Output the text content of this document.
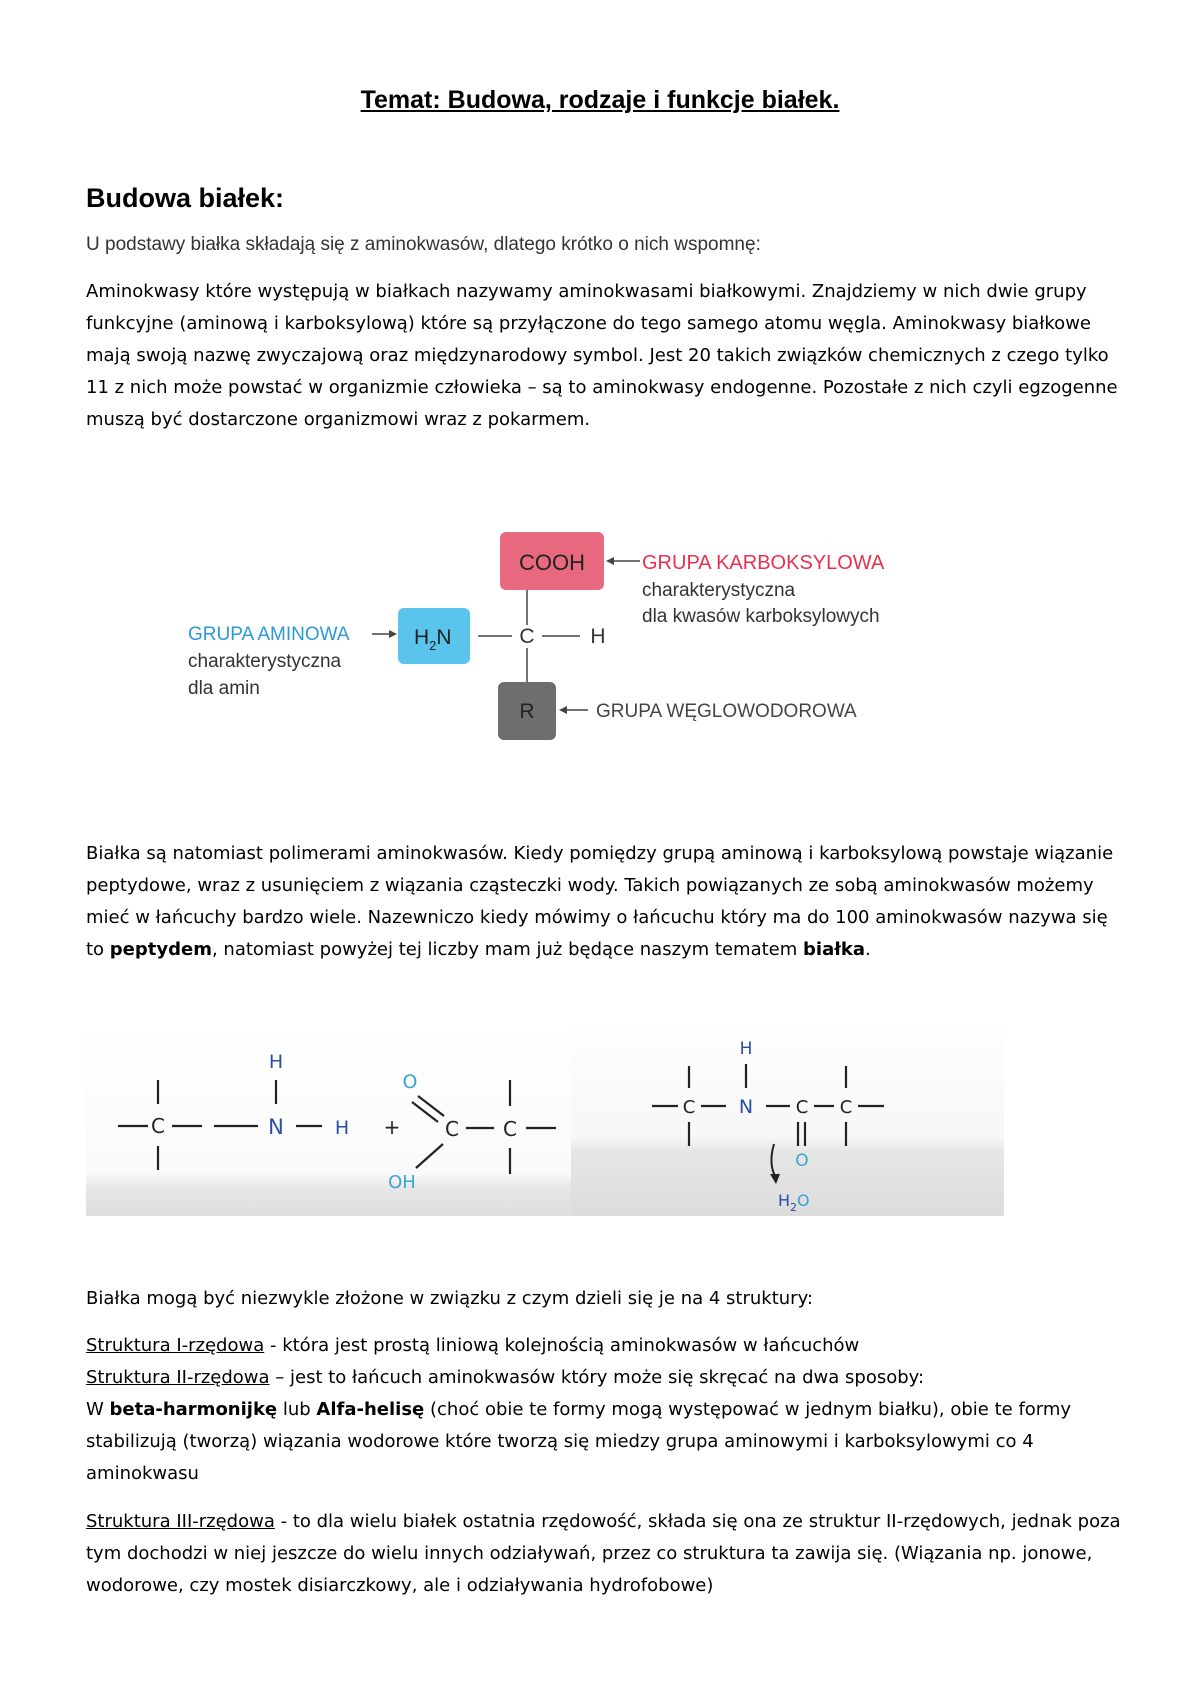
Temat: Budowa, rodzaje i funkcje białek.
Budowa białek:
U podstawy białka składają się z aminokwasów, dlatego krótko o nich wspomnę:

Aminokwasy które występują w białkach nazywamy aminokwasami białkowymi. Znajdziemy w nich dwie grupy funkcyjne (aminową i karboksylową) które są przyłączone do tego samego atomu węgla. Aminokwasy białkowe mają swoją nazwę zwyczajową oraz międzynarodowy symbol. Jest 20 takich związków chemicznych z czego tylko 11 z nich może powstać w organizmie człowieka – są to aminokwasy endogenne. Pozostałe z nich czyli egzogenne muszą być dostarczone organizmowi wraz z pokarmem.

COOH	GRUPA KARBOKSYLOWA
charakterystyczna
dla kwasów karboksylowych
GRUPA AMINOWA
charakterystyczna
dla amin
$H_2N$	C	H
R	GRUPA WĘGLOWODOROWA

Białka są natomiast polimerami aminokwasów. Kiedy pomiędzy grupą aminową i karboksylową powstaje wiązanie peptydowe, wraz z usunięciem z wiązania cząsteczki wody. Takich powiązanych ze sobą aminokwasów możemy mieć w łańcuchy bardzo wiele. Nazewniczo kiedy mówimy o łańcuchu który ma do 100 aminokwasów nazywa się to peptydem, natomiast powyżej tej liczby mam już będące naszym tematem białka.

C
H
N	H +
O
C
OH
C
C
H
N C C
O
$H_2O$

Białka mogą być niezwykle złożone w związku z czym dzieli się je na 4 struktury:

Struktura I-rzędowa - która jest prostą liniową kolejnością aminokwasów w łańcuchów

Struktura II-rzędowa – jest to łańcuch aminokwasów który może się skręcać na dwa sposoby:

W beta-harmonijkę lub Alfa-helisę (choć obie te formy mogą występować w jednym białku), obie te formy stabilizują (tworzą) wiązania wodorowe które tworzą się miedzy grupa aminowymi i karboksylowymi co 4 aminokwasu

Struktura III-rzędowa - to dla wielu białek ostatnia rzędowość, składa się ona ze struktur II-rzędowych, jednak poza tym dochodzi w niej jeszcze do wielu innych odziaływań, przez co struktura ta zawija się. (Wiązania np. jonowe, wodorowe, czy mostek disiarczkowy, ale i odziaływania hydrofobowe)
